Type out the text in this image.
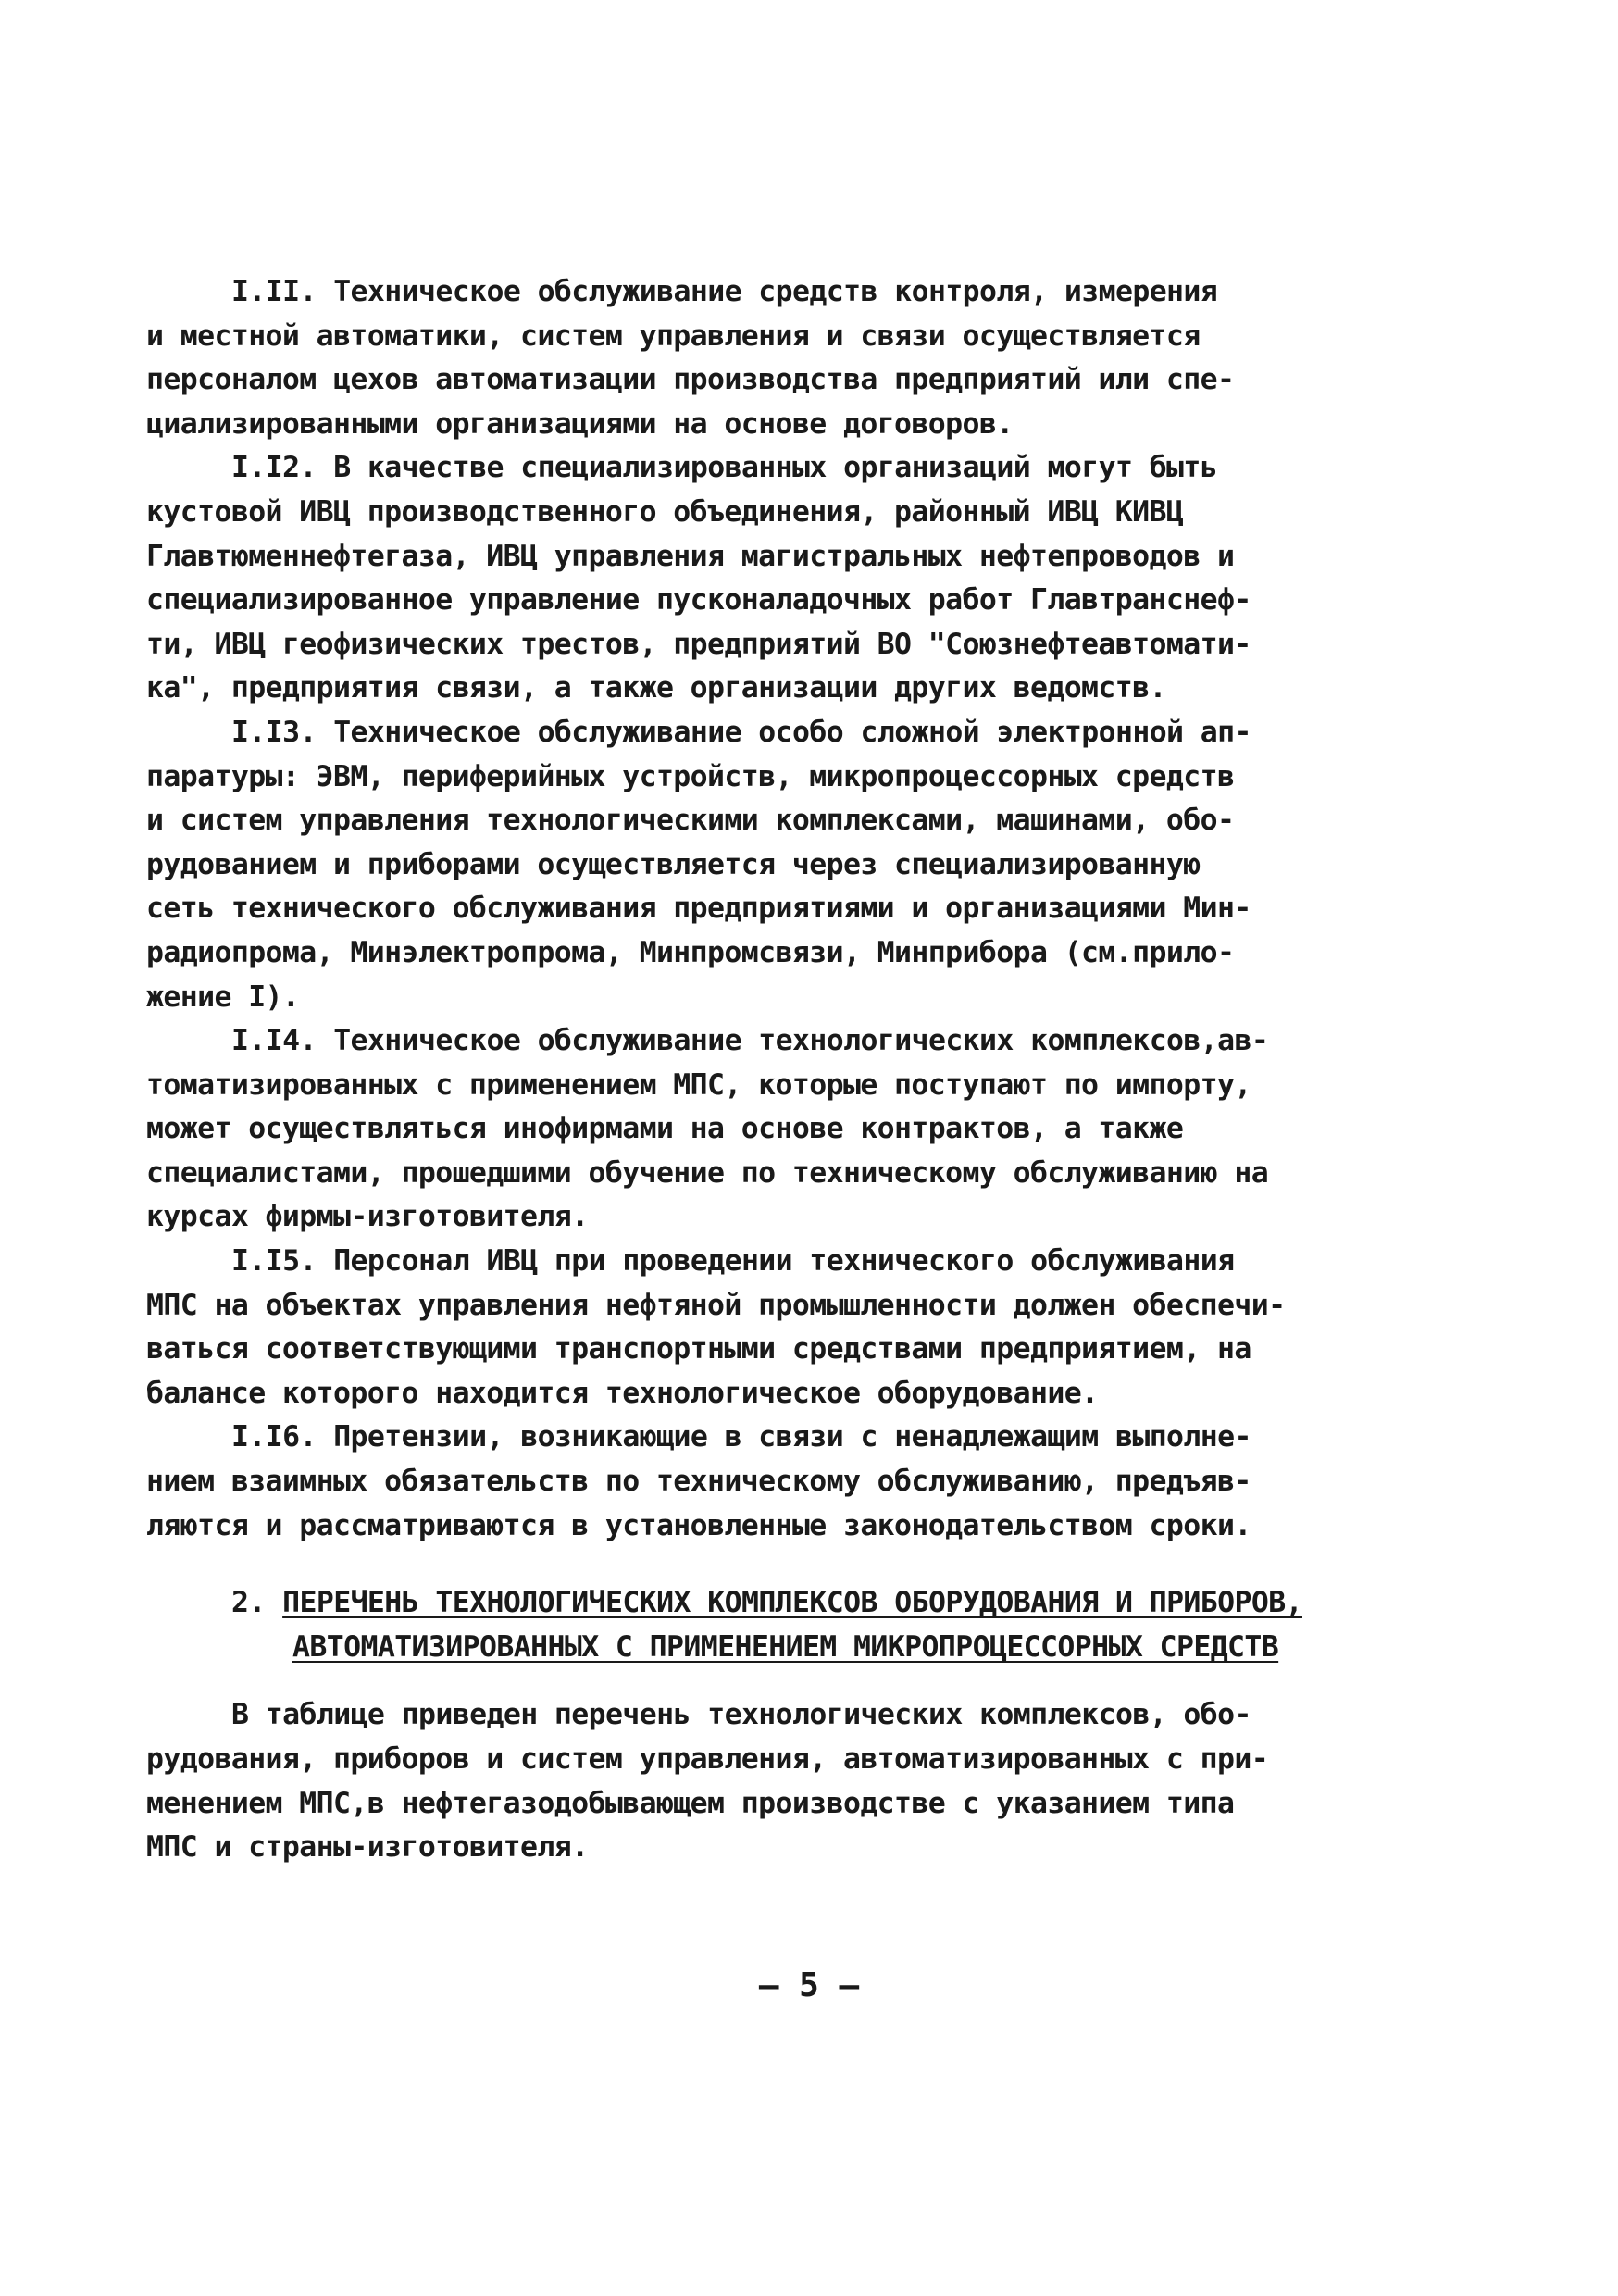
I.II. Техническое обслуживание средств контроля, измерения
и местной автоматики, систем управления и связи осуществляется
персоналом цехов автоматизации производства предприятий или спе-
циализированными организациями на основе договоров.
I.I2. В качестве специализированных организаций могут быть
кустовой ИВЦ производственного объединения, районный ИВЦ КИВЦ
Главтюменнефтегаза, ИВЦ управления магистральных нефтепроводов и
специализированное управление пусконаладочных работ Главтранснеф-
ти, ИВЦ геофизических трестов, предприятий ВО "Союзнефтеавтомати-
ка", предприятия связи, а также организации других ведомств.
I.I3. Техническое обслуживание особо сложной электронной ап-
паратуры: ЭВМ, периферийных устройств, микропроцессорных средств
и систем управления технологическими комплексами, машинами, обо-
рудованием и приборами осуществляется через специализированную
сеть технического обслуживания предприятиями и организациями Мин-
радиопрома, Минэлектропрома, Минпромсвязи, Минприбора (см.прило-
жение I).
I.I4. Техническое обслуживание технологических комплексов,ав-
томатизированных с применением МПС, которые поступают по импорту,
может осуществляться инофирмами на основе контрактов, а также
специалистами, прошедшими обучение по техническому обслуживанию на
курсах фирмы-изготовителя.
I.I5. Персонал ИВЦ при проведении технического обслуживания
МПС на объектах управления нефтяной промышленности должен обеспечи-
ваться соответствующими транспортными средствами предприятием, на
балансе которого находится технологическое оборудование.
I.I6. Претензии, возникающие в связи с ненадлежащим выполне-
нием взаимных обязательств по техническому обслуживанию, предъяв-
ляются и рассматриваются в установленные законодательством сроки.
2. ПЕРЕЧЕНЬ ТЕХНОЛОГИЧЕСКИХ КОМПЛЕКСОВ ОБОРУДОВАНИЯ И ПРИБОРОВ,
АВТОМАТИЗИРОВАННЫХ С ПРИМЕНЕНИЕМ МИКРОПРОЦЕССОРНЫХ СРЕДСТВ
В таблице приведен перечень технологических комплексов, обо-
рудования, приборов и систем управления, автоматизированных с при-
менением МПС,в нефтегазодобывающем производстве с указанием типа
МПС и страны-изготовителя.
– 5 –
